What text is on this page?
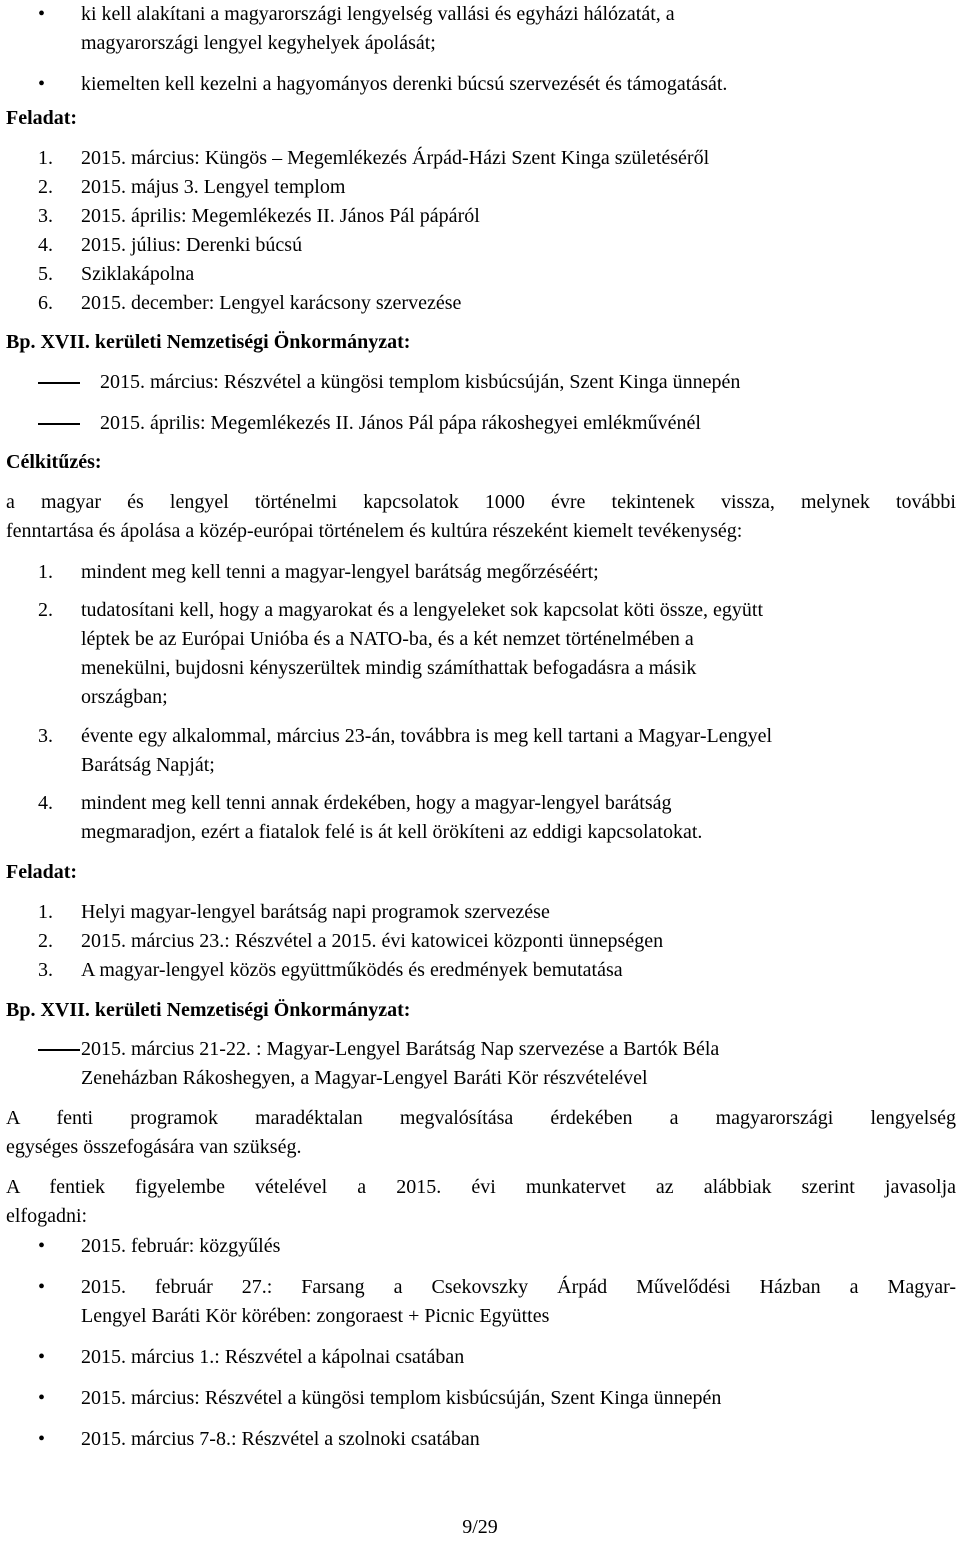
• ki kell alakítani a magyarországi lengyelség vallási és egyházi hálózatát, a
magyarországi lengyel kegyhelyek ápolását;
• kiemelten kell kezelni a hagyományos derenki búcsú szervezését és támogatását.
Feladat:
1. 2015. március: Küngös – Megemlékezés Árpád-Házi Szent Kinga születéséről
2. 2015. május 3. Lengyel templom
3. 2015. április: Megemlékezés II. János Pál pápáról
4. 2015. július: Derenki búcsú
5. Sziklakápolna
6. 2015. december: Lengyel karácsony szervezése
Bp. XVII. kerületi Nemzetiségi Önkormányzat:
2015. március: Részvétel a küngösi templom kisbúcsúján, Szent Kinga ünnepén
2015. április: Megemlékezés II. János Pál pápa rákoshegyei emlékművénél
Célkitűzés:
a magyar és lengyel történelmi kapcsolatok 1000 évre tekintenek vissza, melynek további
fenntartása és ápolása a közép-európai történelem és kultúra részeként kiemelt tevékenység:
1. mindent meg kell tenni a magyar-lengyel barátság megőrzéséért;
2. tudatosítani kell, hogy a magyarokat és a lengyeleket sok kapcsolat köti össze, együtt
léptek be az Európai Unióba és a NATO-ba, és a két nemzet történelmében a
menekülni, bujdosni kényszerültek mindig számíthattak befogadásra a másik
országban;
3. évente egy alkalommal, március 23-án, továbbra is meg kell tartani a Magyar-Lengyel
Barátság Napját;
4. mindent meg kell tenni annak érdekében, hogy a magyar-lengyel barátság
megmaradjon, ezért a fiatalok felé is át kell örökíteni az eddigi kapcsolatokat.
Feladat:
1. Helyi magyar-lengyel barátság napi programok szervezése
2. 2015. március 23.: Részvétel a 2015. évi katowicei központi ünnepségen
3. A magyar-lengyel közös együttműködés és eredmények bemutatása
Bp. XVII. kerületi Nemzetiségi Önkormányzat:
2015. március 21-22. : Magyar-Lengyel Barátság Nap szervezése a Bartók Béla
Zeneházban Rákoshegyen, a Magyar-Lengyel Baráti Kör részvételével
A fenti programok maradéktalan megvalósítása érdekében a magyarországi lengyelség
egységes összefogására van szükség.
A fentiek figyelembe vételével a 2015. évi munkatervet az alábbiak szerint javasolja
elfogadni:
• 2015. február: közgyűlés
• 2015. február 27.: Farsang a Csekovszky Árpád Művelődési Házban a Magyar-
Lengyel Baráti Kör körében: zongoraest + Picnic Együttes
• 2015. március 1.: Részvétel a kápolnai csatában
• 2015. március: Részvétel a küngösi templom kisbúcsúján, Szent Kinga ünnepén
• 2015. március 7-8.: Részvétel a szolnoki csatában
9/29
